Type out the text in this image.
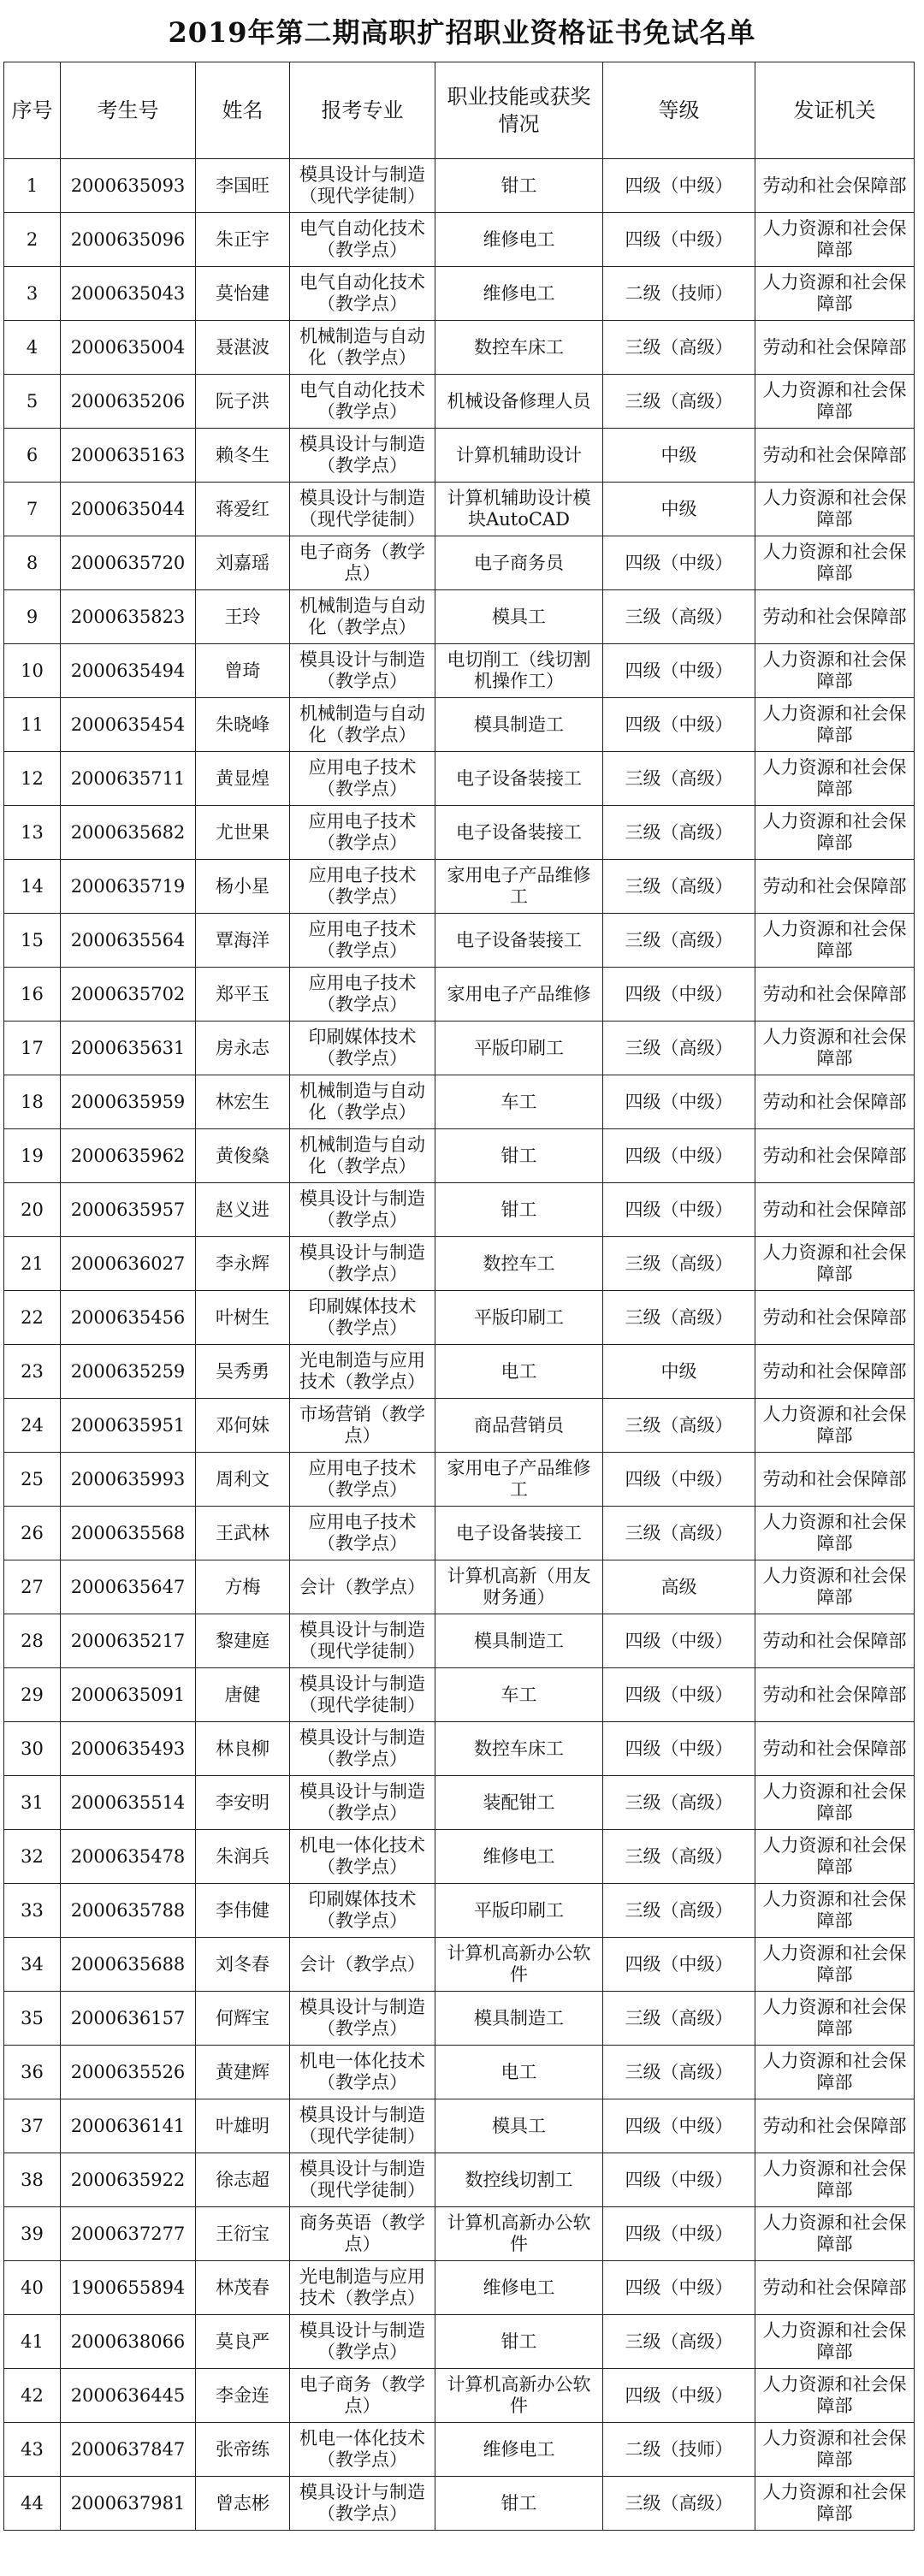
2019年第二期高职扩招职业资格证书免试名单
序号	考生号	姓名	报考专业	职业技能或获奖情况	等级	发证机关

1	2000635093	李国旺	模具设计与制造（现代学徒制）	钳工	四级（中级）	劳动和社会保障部

2	2000635096	朱正宇	电气自动化技术（教学点）	维修电工	四级（中级）	人力资源和社会保障部

3	2000635043	莫怡建	电气自动化技术（教学点）	维修电工	二级（技师）	人力资源和社会保障部

4	2000635004	聂湛波	机械制造与自动化（教学点）	数控车床工	三级（高级）	劳动和社会保障部

5	2000635206	阮子洪	电气自动化技术（教学点）	机械设备修理人员	三级（高级）	人力资源和社会保障部

6	2000635163	赖冬生	模具设计与制造（教学点）	计算机辅助设计	中级	劳动和社会保障部

7	2000635044	蒋爱红	模具设计与制造（现代学徒制）	计算机辅助设计模块AutoCAD	中级	人力资源和社会保障部

8	2000635720	刘嘉瑶	电子商务（教学点）	电子商务员	四级（中级）	人力资源和社会保障部

9	2000635823	王玲	机械制造与自动化（教学点）	模具工	三级（高级）	劳动和社会保障部

10	2000635494	曾琦	模具设计与制造（教学点）	电切削工（线切割机操作工）	四级（中级）	人力资源和社会保障部

11	2000635454	朱晓峰	机械制造与自动化（教学点）	模具制造工	四级（中级）	人力资源和社会保障部

12	2000635711	黄显煌	应用电子技术（教学点）	电子设备装接工	三级（高级）	人力资源和社会保障部

13	2000635682	尤世果	应用电子技术（教学点）	电子设备装接工	三级（高级）	人力资源和社会保障部

14	2000635719	杨小星	应用电子技术（教学点）	家用电子产品维修工	三级（高级）	劳动和社会保障部

15	2000635564	覃海洋	应用电子技术（教学点）	电子设备装接工	三级（高级）	人力资源和社会保障部

16	2000635702	郑平玉	应用电子技术（教学点）	家用电子产品维修	四级（中级）	劳动和社会保障部

17	2000635631	房永志	印刷媒体技术（教学点）	平版印刷工	三级（高级）	人力资源和社会保障部

18	2000635959	林宏生	机械制造与自动化（教学点）	车工	四级（中级）	劳动和社会保障部

19	2000635962	黄俊燊	机械制造与自动化（教学点）	钳工	四级（中级）	劳动和社会保障部

20	2000635957	赵义进	模具设计与制造（教学点）	钳工	四级（中级）	劳动和社会保障部

21	2000636027	李永辉	模具设计与制造（教学点）	数控车工	三级（高级）	人力资源和社会保障部

22	2000635456	叶树生	印刷媒体技术（教学点）	平版印刷工	三级（高级）	劳动和社会保障部

23	2000635259	吴秀勇	光电制造与应用技术（教学点）	电工	中级	劳动和社会保障部

24	2000635951	邓何妹	市场营销（教学点）	商品营销员	三级（高级）	人力资源和社会保障部

25	2000635993	周利文	应用电子技术（教学点）	家用电子产品维修工	四级（中级）	劳动和社会保障部

26	2000635568	王武林	应用电子技术（教学点）	电子设备装接工	三级（高级）	人力资源和社会保障部

27	2000635647	方梅	会计（教学点）	计算机高新（用友财务通）	高级	人力资源和社会保障部

28	2000635217	黎建庭	模具设计与制造（现代学徒制）	模具制造工	四级（中级）	劳动和社会保障部

29	2000635091	唐健	模具设计与制造（现代学徒制）	车工	四级（中级）	劳动和社会保障部

30	2000635493	林良柳	模具设计与制造（教学点）	数控车床工	四级（中级）	劳动和社会保障部

31	2000635514	李安明	模具设计与制造（教学点）	装配钳工	三级（高级）	人力资源和社会保障部

32	2000635478	朱润兵	机电一体化技术（教学点）	维修电工	三级（高级）	人力资源和社会保障部

33	2000635788	李伟健	印刷媒体技术（教学点）	平版印刷工	三级（高级）	人力资源和社会保障部

34	2000635688	刘冬春	会计（教学点）	计算机高新办公软件	四级（中级）	人力资源和社会保障部

35	2000636157	何辉宝	模具设计与制造（教学点）	模具制造工	三级（高级）	人力资源和社会保障部

36	2000635526	黄建辉	机电一体化技术（教学点）	电工	三级（高级）	人力资源和社会保障部

37	2000636141	叶雄明	模具设计与制造（现代学徒制）	模具工	四级（中级）	劳动和社会保障部

38	2000635922	徐志超	模具设计与制造（现代学徒制）	数控线切割工	四级（中级）	人力资源和社会保障部

39	2000637277	王衍宝	商务英语（教学点）	计算机高新办公软件	四级（中级）	人力资源和社会保障部

40	1900655894	林茂春	光电制造与应用技术（教学点）	维修电工	四级（中级）	劳动和社会保障部

41	2000638066	莫良严	模具设计与制造（教学点）	钳工	三级（高级）	人力资源和社会保障部

42	2000636445	李金连	电子商务（教学点）	计算机高新办公软件	四级（中级）	人力资源和社会保障部

43	2000637847	张帝练	机电一体化技术（教学点）	维修电工	二级（技师）	人力资源和社会保障部

44	2000637981	曾志彬	模具设计与制造（教学点）	钳工	三级（高级）	人力资源和社会保障部
